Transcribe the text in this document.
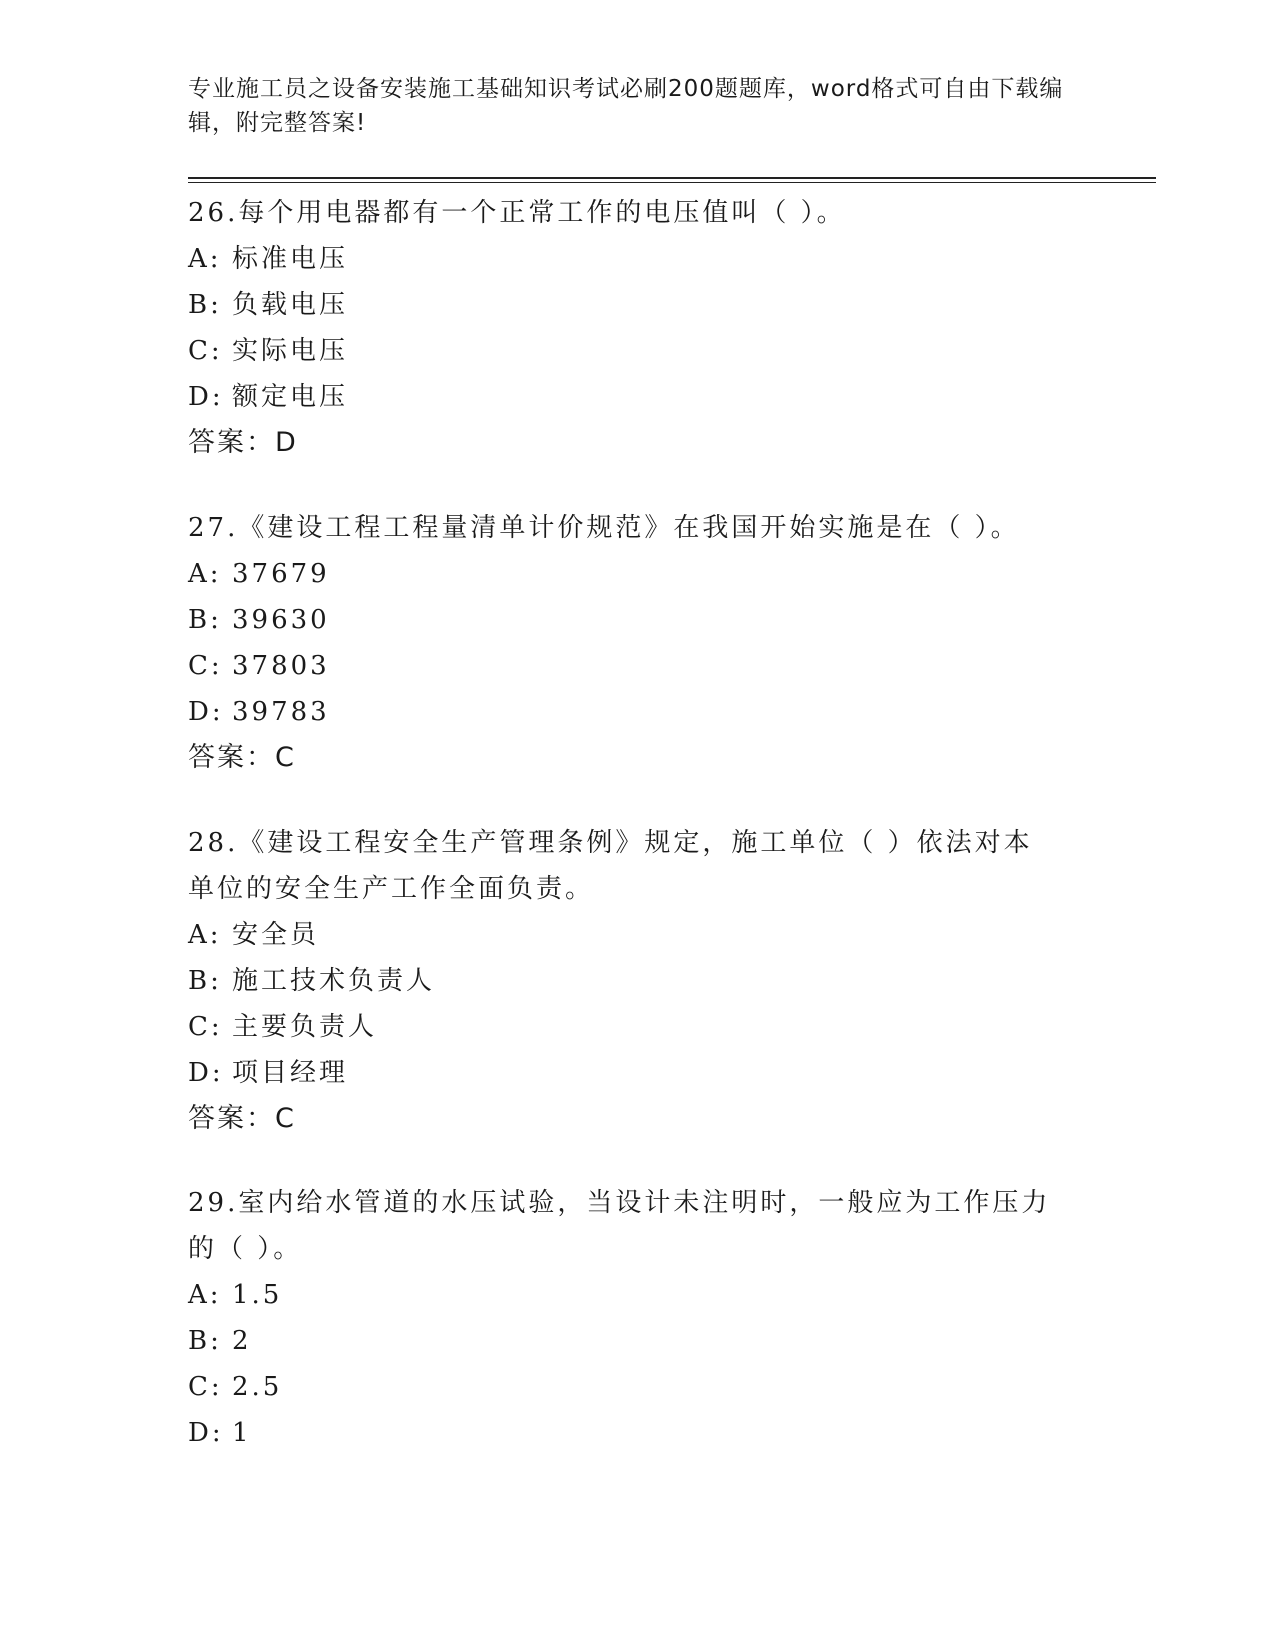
专业施工员之设备安装施工基础知识考试必刷200题题库，word格式可自由下载编辑，附完整答案!

26.每个用电器都有一个正常工作的电压值叫（ ）。

A: 标准电压
B: 负载电压
C: 实际电压
D: 额定电压
答案：D

27.《建设工程工程量清单计价规范》在我国开始实施是在（ ）。

A: 37679
B: 39630
C: 37803
D: 39783
答案：C

28.《建设工程安全生产管理条例》规定，施工单位（ ）依法对本单位的安全生产工作全面负责。

A: 安全员
B: 施工技术负责人
C: 主要负责人
D: 项目经理
答案：C

29.室内给水管道的水压试验，当设计未注明时，一般应为工作压力的（ ）。

A: 1.5
B: 2
C: 2.5
D: 1
